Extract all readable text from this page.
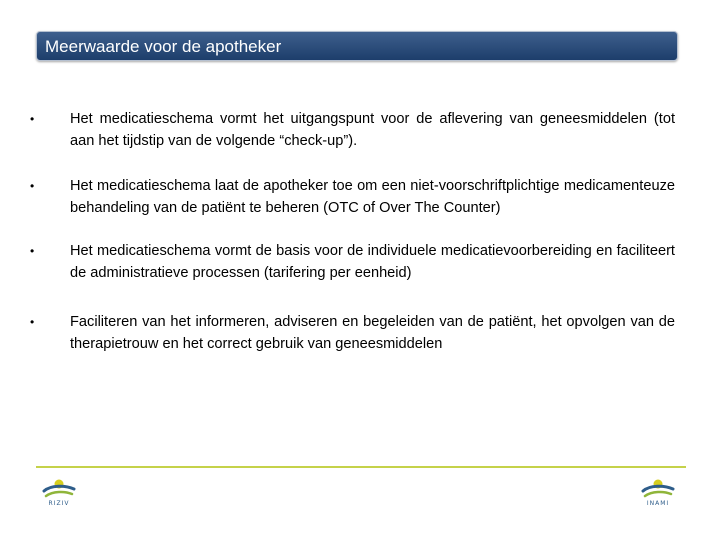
Meerwaarde voor de apotheker
•	Het medicatieschema vormt het uitgangspunt voor de aflevering van geneesmiddelen (tot aan het tijdstip van de volgende “check-up”).
•	Het medicatieschema laat de apotheker toe om een niet-voorschriftplichtige medicamenteuze behandeling van de patiënt te beheren (OTC of Over The Counter)
•	Het medicatieschema vormt de basis voor de individuele medicatievoorbereiding en faciliteert de administratieve processen (tarifering per eenheid)
•	Faciliteren van het informeren, adviseren en begeleiden van de patiënt, het opvolgen van de therapietrouw en het correct gebruik van geneesmiddelen
RIZIV	INAMI
